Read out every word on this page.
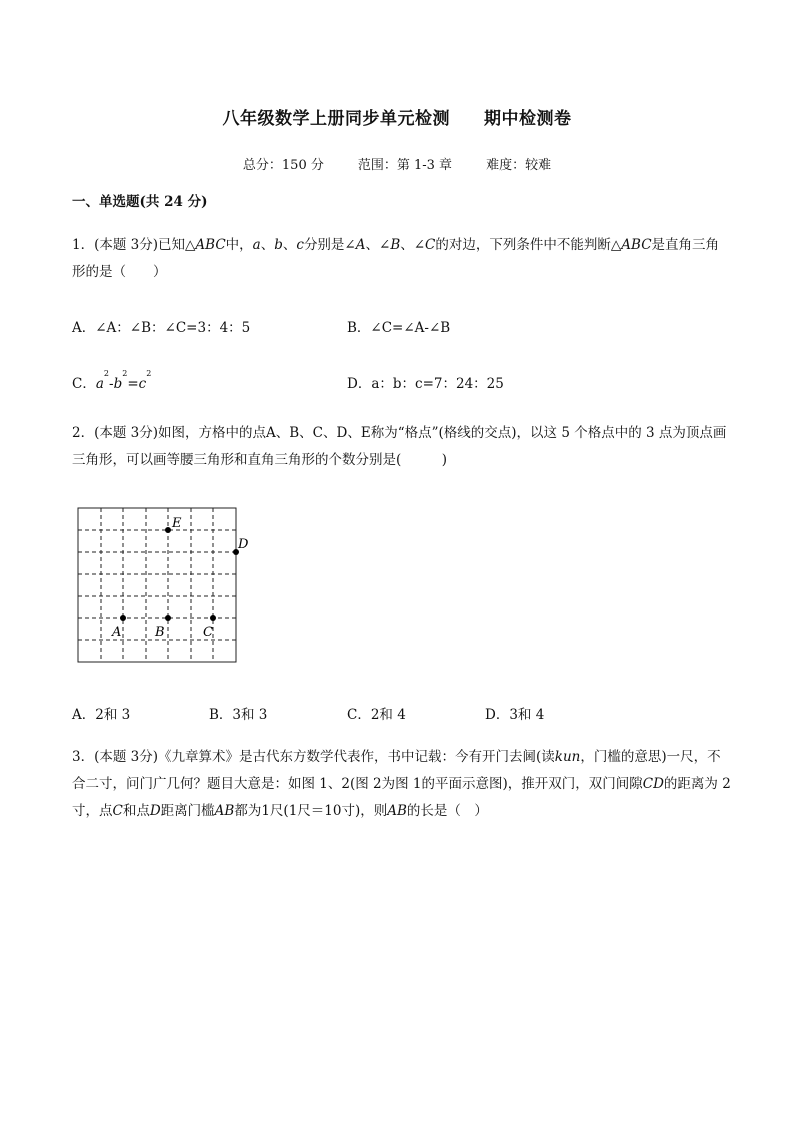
八年级数学上册同步单元检测 期中检测卷
总分：150 分	范围：第 1-3 章	难度：较难
一、单选题(共 24 分)
1．(本题 3分)已知△ABC中，a、b、c分别是∠A、∠B、∠C的对边，下列条件中不能判断△ABC是直角三角形的是（　　）
A．∠A：∠B：∠C=3：4：5	B．∠C=∠A-∠B
C．$a^2-b^2=c^2$
D．a：b：c=7：24：25
2．(本题 3分)如图，方格中的点A、B、C、D、E称为“格点”(格线的交点)，以这 5 个格点中的 3 点为顶点画三角形，可以画等腰三角形和直角三角形的个数分别是(　　　)
E
D
A	B	C
A．2和 3	B．3和 3	C．2和 4	D．3和 4
3．(本题 3分)《九章算术》是古代东方数学代表作，书中记载：今有开门去阃(读kun，门槛的意思)一尺，不合二寸，问门广几何？题目大意是：如图 1、2(图 2为图 1的平面示意图)，推开双门，双门间隙CD的距离为 2 寸，点C和点D距离门槛AB都为1尺(1尺＝10寸)，则AB的长是（　）
